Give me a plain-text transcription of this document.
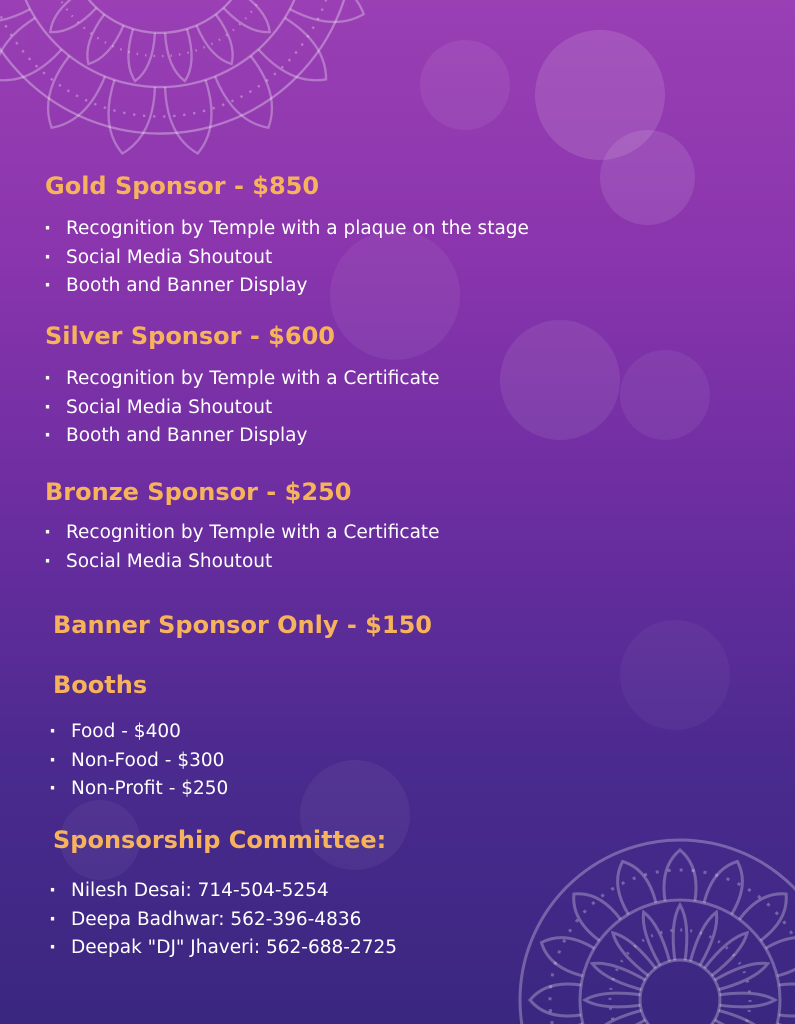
Gold Sponsor - $850
· Recognition by Temple with a plaque on the stage
· Social Media Shoutout
· Booth and Banner Display
Silver Sponsor - $600
· Recognition by Temple with a Certificate
· Social Media Shoutout
· Booth and Banner Display
Bronze Sponsor - $250
· Recognition by Temple with a Certificate
· Social Media Shoutout
Banner Sponsor Only - $150
Booths
· Food - $400
· Non-Food - $300
· Non-Profit - $250
Sponsorship Committee:
· Nilesh Desai: 714-504-5254
· Deepa Badhwar: 562-396-4836
· Deepak "DJ" Jhaveri: 562-688-2725
